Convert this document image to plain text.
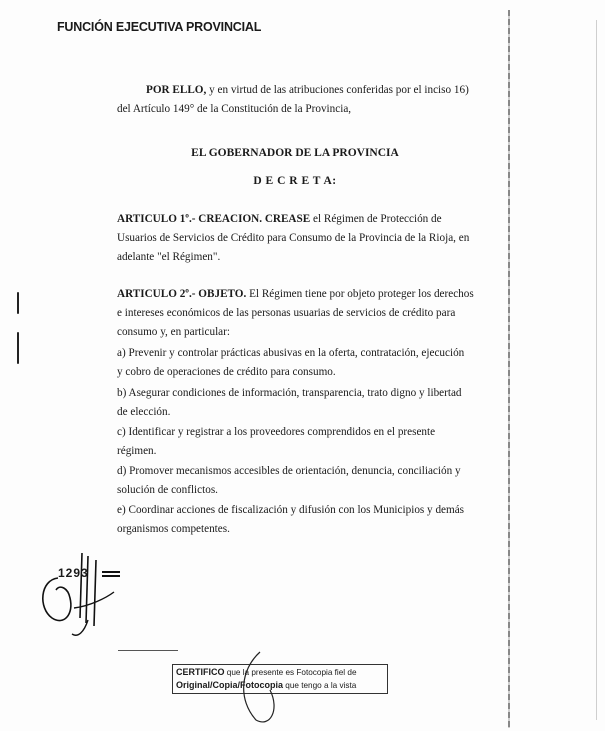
FUNCIÓN EJECUTIVA PROVINCIAL
POR ELLO, y en virtud de las atribuciones conferidas por el inciso 16)
del Artículo 149° de la Constitución de la Provincia,
EL GOBERNADOR DE LA PROVINCIA
D E C R E T A:
ARTICULO 1º.- CREACION. CREASE el Régimen de Protección de
Usuarios de Servicios de Crédito para Consumo de la Provincia de la Rioja, en
adelante "el Régimen".
ARTICULO 2º.- OBJETO. El Régimen tiene por objeto proteger los derechos
e intereses económicos de las personas usuarias de servicios de crédito para
consumo y, en particular:
a) Prevenir y controlar prácticas abusivas en la oferta, contratación, ejecución
y cobro de operaciones de crédito para consumo.
b) Asegurar condiciones de información, transparencia, trato digno y libertad
de elección.
c) Identificar y registrar a los proveedores comprendidos en el presente
régimen.
d) Promover mecanismos accesibles de orientación, denuncia, conciliación y
solución de conflictos.
e) Coordinar acciones de fiscalización y difusión con los Municipios y demás
organismos competentes.
1293
CERTIFICO que la presente es Fotocopia fiel de
Original/Copia/Fotocopia que tengo a la vista
